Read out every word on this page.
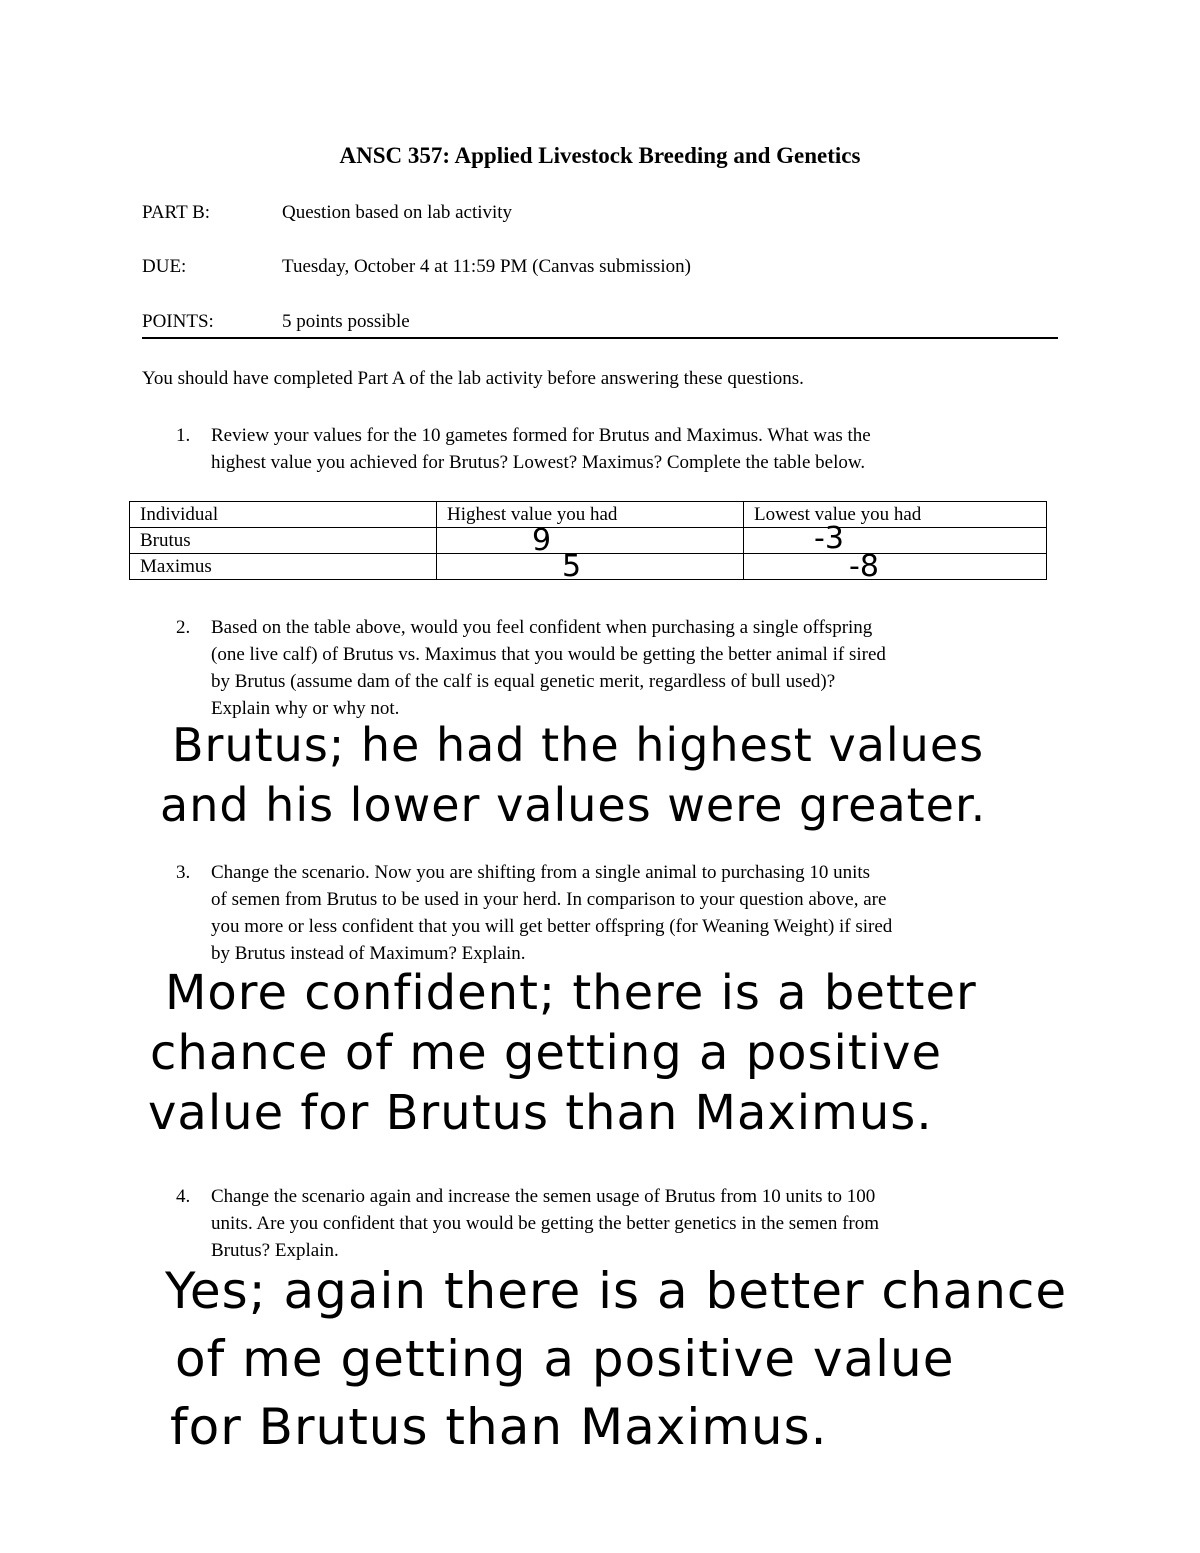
ANSC 357: Applied Livestock Breeding and Genetics
PART B:	Question based on lab activity
DUE:	Tuesday, October 4 at 11:59 PM (Canvas submission)
POINTS:	5 points possible
You should have completed Part A of the lab activity before answering these questions.
1. Review your values for the 10 gametes formed for Brutus and Maximus. What was the
highest value you achieved for Brutus? Lowest? Maximus? Complete the table below.
Individual	Highest value you had	Lowest value you had
Brutus	9	-3

Maximus	5	-8
2. Based on the table above, would you feel confident when purchasing a single offspring
(one live calf) of Brutus vs. Maximus that you would be getting the better animal if sired
by Brutus (assume dam of the calf is equal genetic merit, regardless of bull used)?
Explain why or why not.
Brutus; he had the highest values
and his lower values were greater.
3. Change the scenario. Now you are shifting from a single animal to purchasing 10 units
of semen from Brutus to be used in your herd. In comparison to your question above, are
you more or less confident that you will get better offspring (for Weaning Weight) if sired
by Brutus instead of Maximum? Explain.
More confident; there is a better
chance of me getting a positive
value for Brutus than Maximus.
4. Change the scenario again and increase the semen usage of Brutus from 10 units to 100
units. Are you confident that you would be getting the better genetics in the semen from
Brutus? Explain.
Yes; again there is a better chance
of me getting a positive value
for Brutus than Maximus.
